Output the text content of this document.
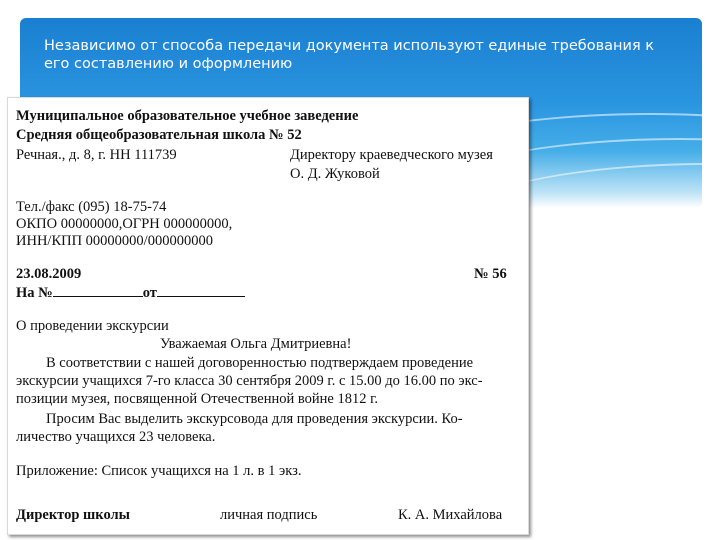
Независимо от способа передачи документа используют единые требования к его составлению и оформлению
Муниципальное образовательное учебное заведение
Средняя общеобразовательная школа № 52
Речная., д. 8, г. НН 111739	Директору краеведческого музея
О. Д. Жуковой
Тел./факс (095) 18-75-74
ОКПО 00000000,ОГРН 000000000,
ИНН/КПП 00000000/000000000
23.08.2009	№ 56
На №	от
О проведении экскурсии
Уважаемая Ольга Дмитриевна!
В соответствии с нашей договоренностью подтверждаем проведение
экскурсии учащихся 7-го класса 30 сентября 2009 г. с 15.00 до 16.00 по экс-
позиции музея, посвященной Отечественной войне 1812 г.
Просим Вас выделить экскурсовода для проведения экскурсии. Ко-
личество учащихся 23 человека.
Приложение: Список учащихся на 1 л. в 1 экз.
Директор школы	личная подпись	К. А. Михайлова
